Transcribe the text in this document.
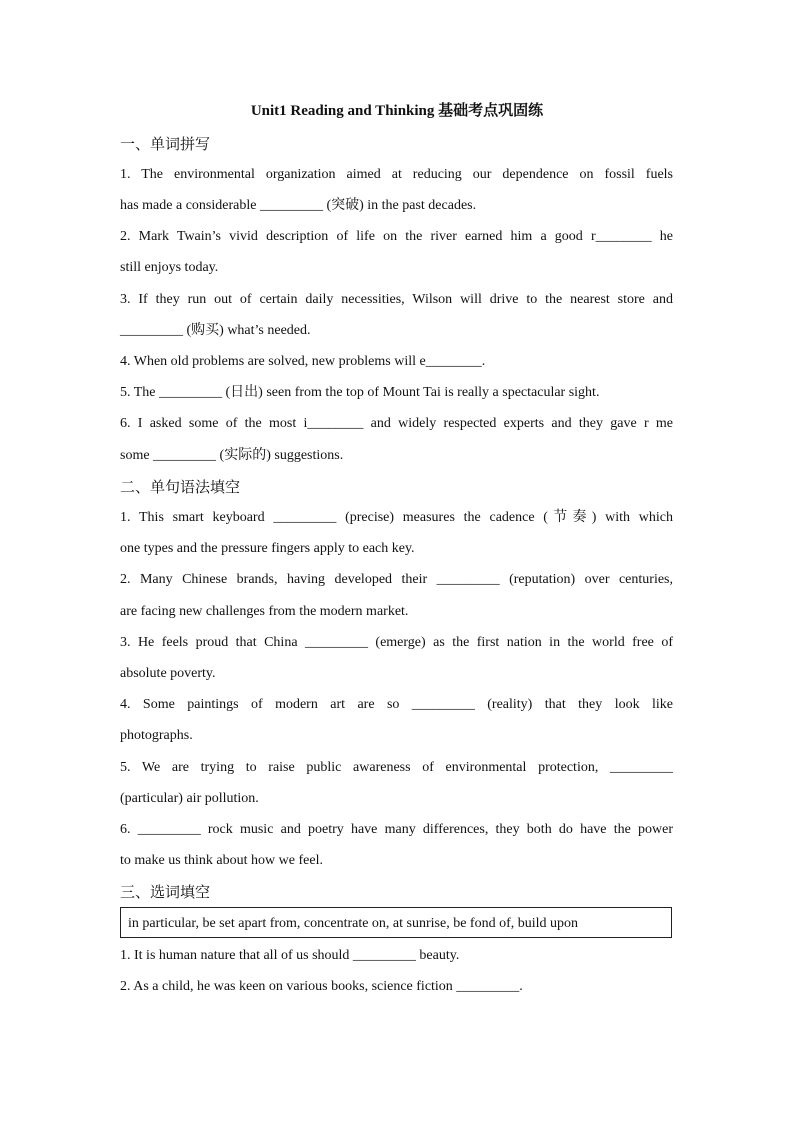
Unit1 Reading and Thinking 基础考点巩固练
一、单词拼写
1. The environmental organization aimed at reducing our dependence on fossil fuels
has made a considerable _________ (突破) in the past decades.
2. Mark Twain’s vivid description of life on the river earned him a good r________ he
still enjoys today.
3. If they run out of certain daily necessities, Wilson will drive to the nearest store and
_________ (购买) what’s needed.
4. When old problems are solved, new problems will e________.
5. The _________ (日出) seen from the top of Mount Tai is really a spectacular sight.
6. I asked some of the most i________ and widely respected experts and they gave r me
some _________ (实际的) suggestions.
二、单句语法填空
1. This smart keyboard _________ (precise) measures the cadence (节奏) with which
one types and the pressure fingers apply to each key.
2. Many Chinese brands, having developed their _________ (reputation) over centuries,
are facing new challenges from the modern market.
3. He feels proud that China _________ (emerge) as the first nation in the world free of
absolute poverty.
4. Some paintings of modern art are so _________ (reality) that they look like
photographs.
5. We are trying to raise public awareness of environmental protection, _________
(particular) air pollution.
6. _________ rock music and poetry have many differences, they both do have the power
to make us think about how we feel.
三、选词填空
in particular, be set apart from, concentrate on, at sunrise, be fond of, build upon
1. It is human nature that all of us should _________ beauty.
2. As a child, he was keen on various books, science fiction _________.
